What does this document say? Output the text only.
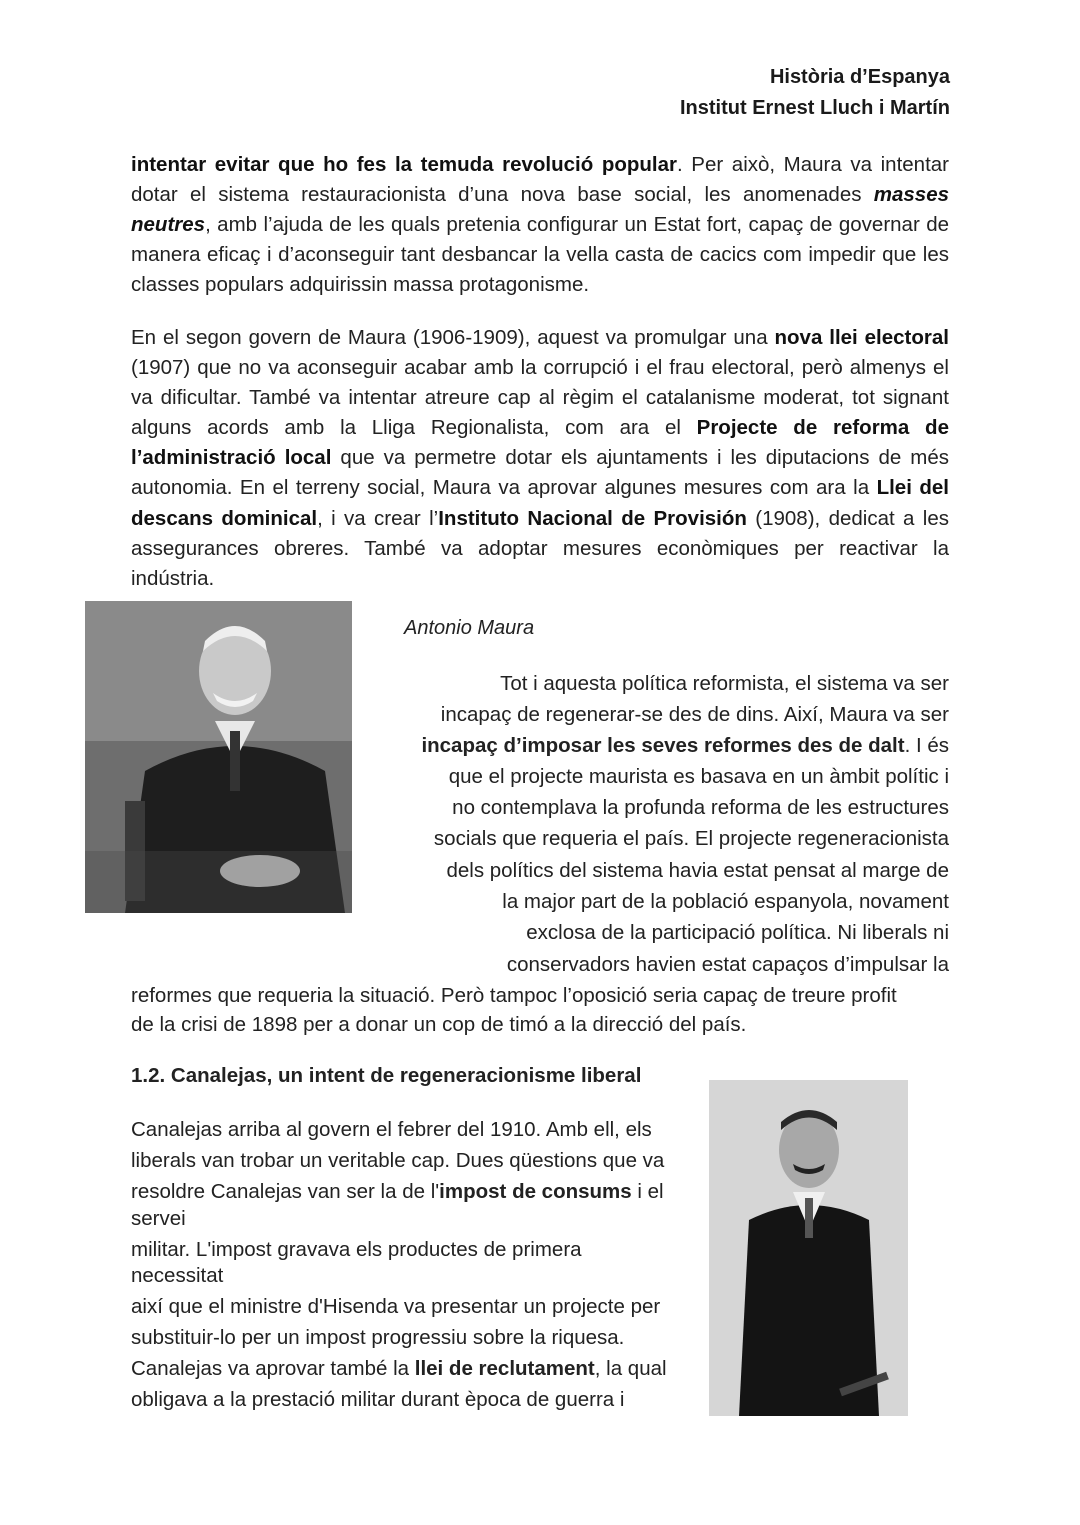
Història d’Espanya
Institut Ernest Lluch i Martín

intentar evitar que ho fes la temuda revolució popular. Per això, Maura va intentar dotar el sistema restauracionista d’una nova base social, les anomenades masses neutres, amb l’ajuda de les quals pretenia configurar un Estat fort, capaç de governar de manera eficaç i d’aconseguir tant desbancar la vella casta de cacics com impedir que les classes populars adquirissin massa protagonisme.

En el segon govern de Maura (1906-1909), aquest va promulgar una nova llei electoral (1907) que no va aconseguir acabar amb la corrupció i el frau electoral, però almenys el va dificultar. També va intentar atreure cap al règim el catalanisme moderat, tot signant alguns acords amb la Lliga Regionalista, com ara el Projecte de reforma de l’administració local que va permetre dotar els ajuntaments i les diputacions de més autonomia. En el terreny social, Maura va aprovar algunes mesures com ara la Llei del descans dominical, i va crear l’Instituto Nacional de Provisión (1908), dedicat a les assegurances obreres. També va adoptar mesures econòmiques per reactivar la indústria.

Antonio Maura
Tot i aquesta política reformista, el sistema va ser
incapaç de regenerar-se des de dins. Així, Maura va ser
incapaç d’imposar les seves reformes des de dalt. I és
que el projecte maurista es basava en un àmbit polític i
no contemplava la profunda reforma de les estructures
socials que requeria el país. El projecte regeneracionista
dels polítics del sistema havia estat pensat al marge de
la major part de la població espanyola, novament
exclosa de la participació política. Ni liberals ni
conservadors havien estat capaços d’impulsar la
reformes que requeria la situació. Però tampoc l’oposició seria capaç de treure profit
de la crisi de 1898 per a donar un cop de timó a la direcció del país.
1.2. Canalejas, un intent de regeneracionisme liberal
Canalejas arriba al govern el febrer del 1910. Amb ell, els
liberals van trobar un veritable cap. Dues qüestions que va
resoldre Canalejas van ser la de l'impost de consums i el
servei
militar. L'impost gravava els productes de primera
necessitat
així que el ministre d'Hisenda va presentar un projecte per
substituir-lo per un impost progressiu sobre la riquesa.
Canalejas va aprovar també la llei de reclutament, la qual
obligava a la prestació militar durant època de guerra i
